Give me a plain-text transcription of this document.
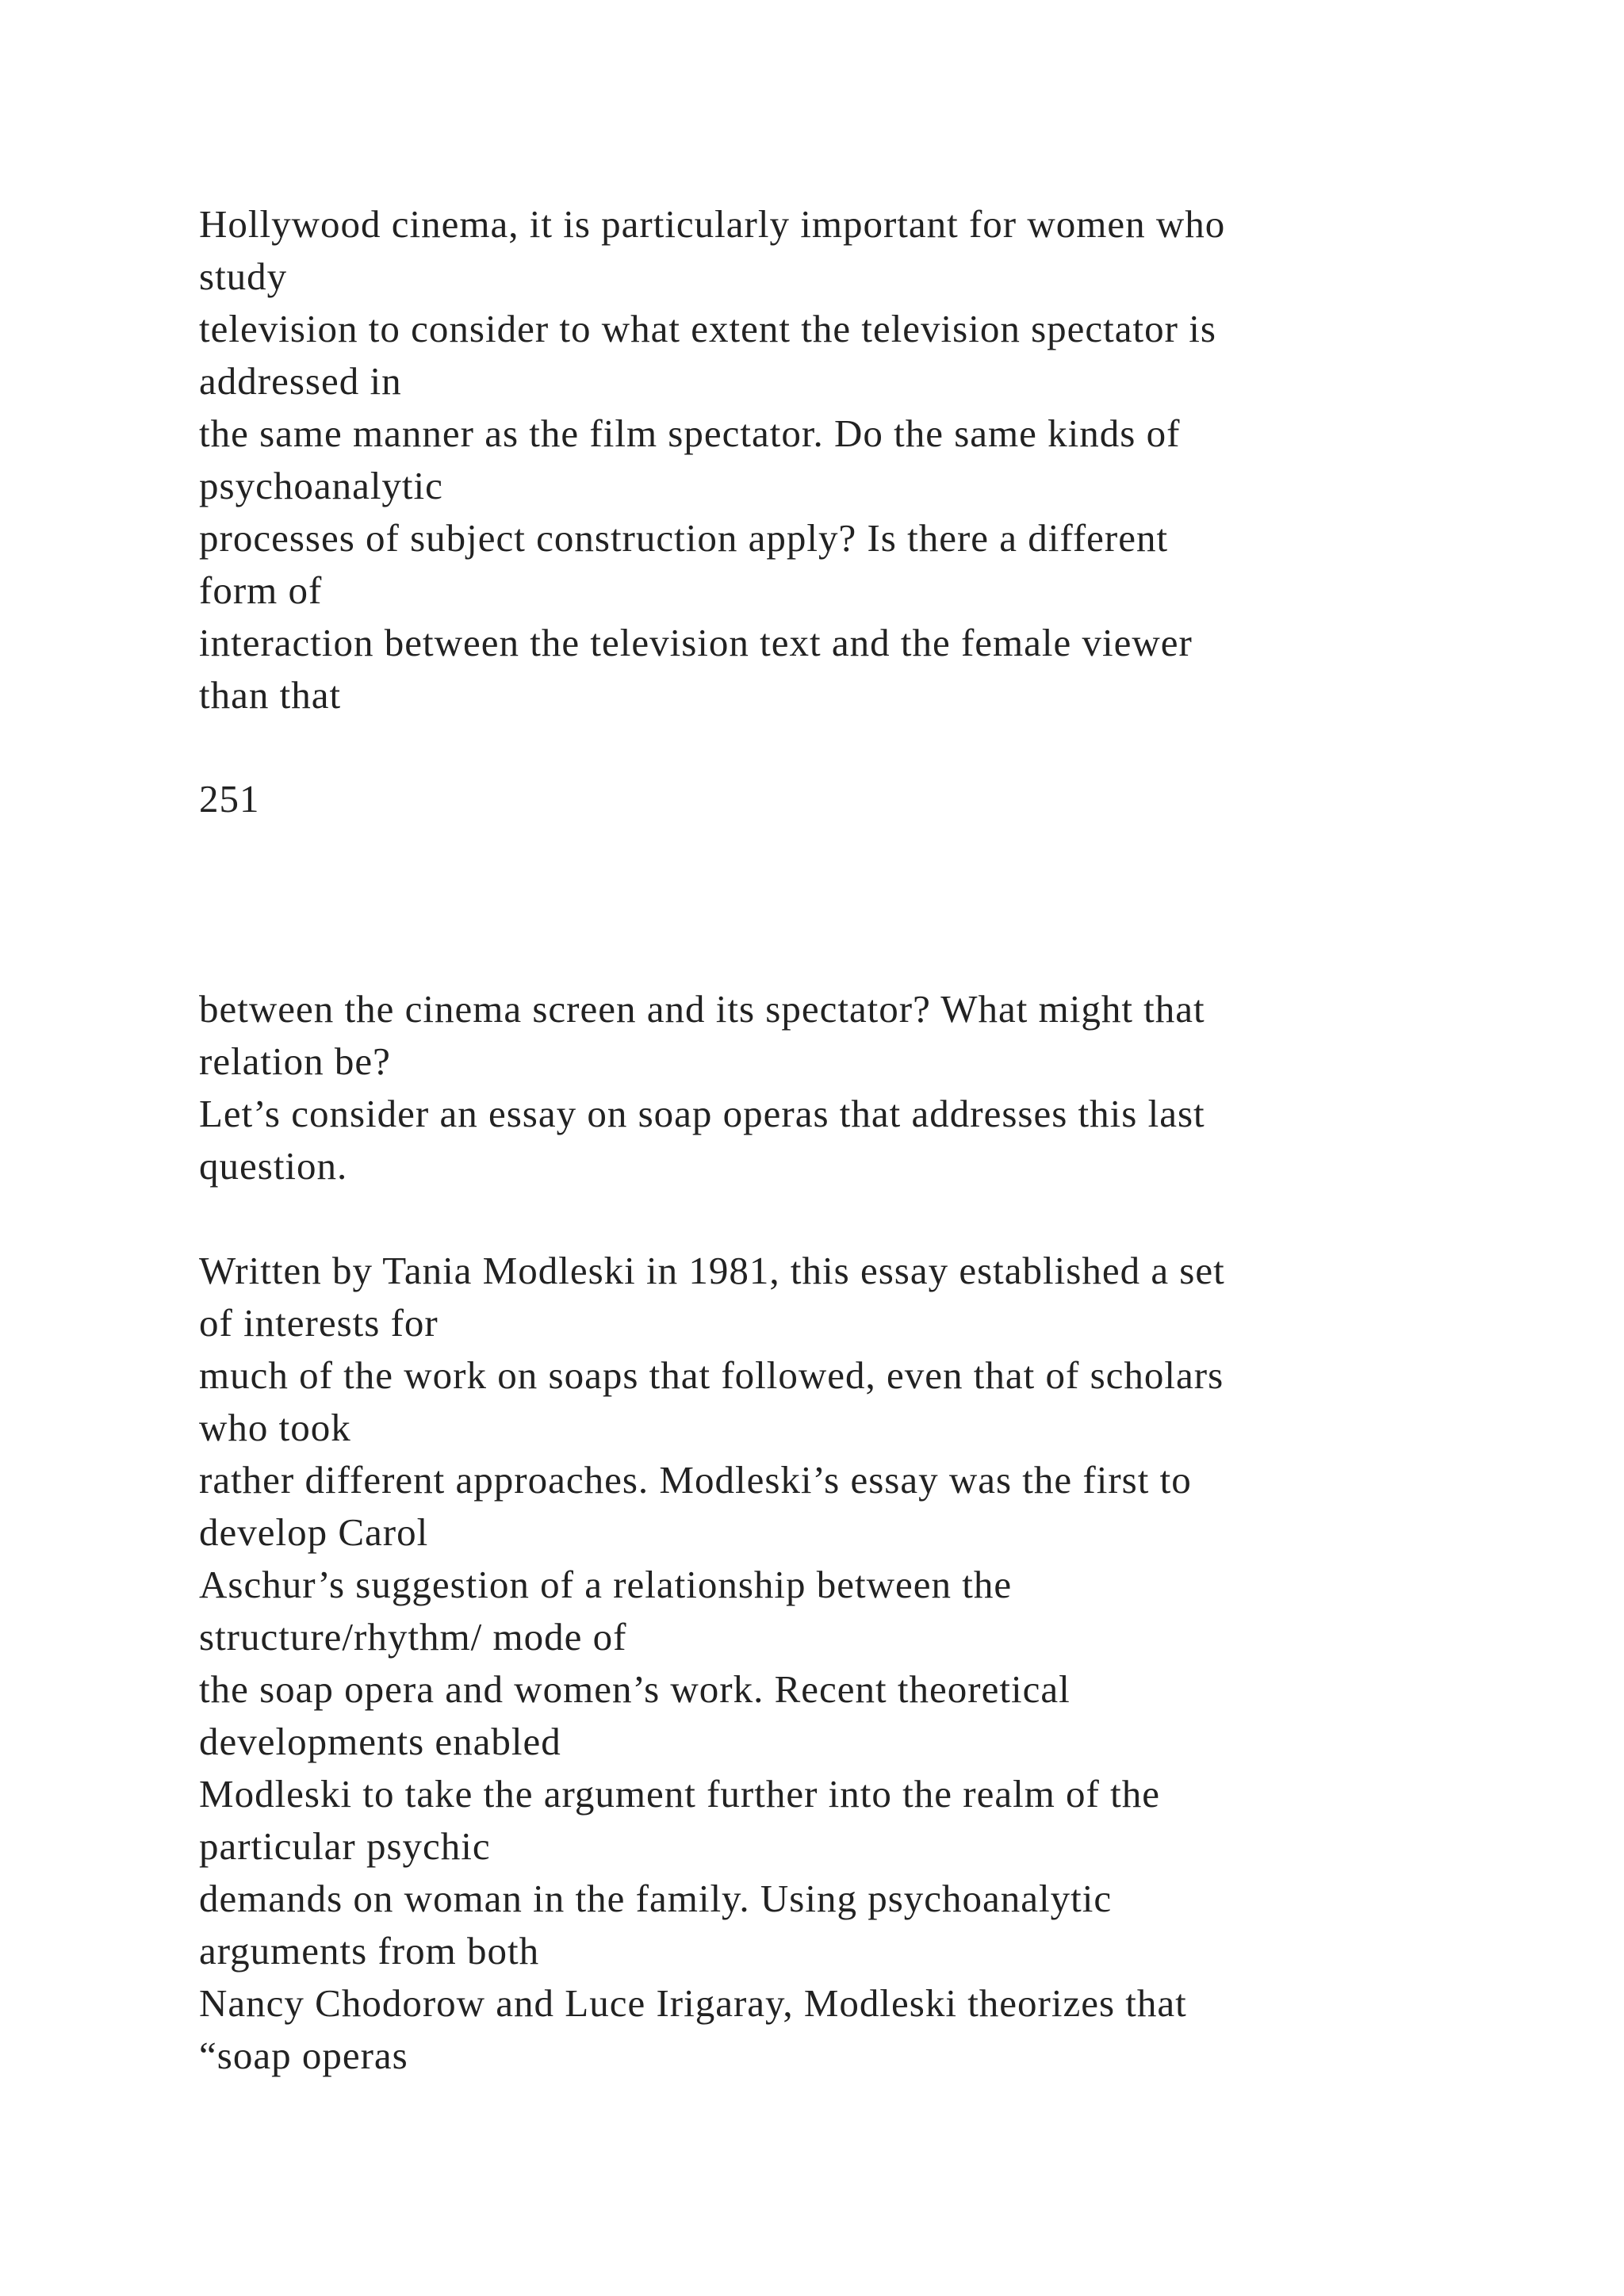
Hollywood cinema, it is particularly important for women who

study

television to consider to what extent the television spectator is

addressed in

the same manner as the film spectator. Do the same kinds of

psychoanalytic

processes of subject construction apply? Is there a different

form of

interaction between the television text and the female viewer

than that

251

between the cinema screen and its spectator? What might that

relation be?

Let’s consider an essay on soap operas that addresses this last

question.

Written by Tania Modleski in 1981, this essay established a set

of interests for

much of the work on soaps that followed, even that of scholars

who took

rather different approaches. Modleski’s essay was the first to

develop Carol

Aschur’s suggestion of a relationship between the

structure/rhythm/ mode of

the soap opera and women’s work. Recent theoretical

developments enabled

Modleski to take the argument further into the realm of the

particular psychic

demands on woman in the family. Using psychoanalytic

arguments from both

Nancy Chodorow and Luce Irigaray, Modleski theorizes that

“soap operas
